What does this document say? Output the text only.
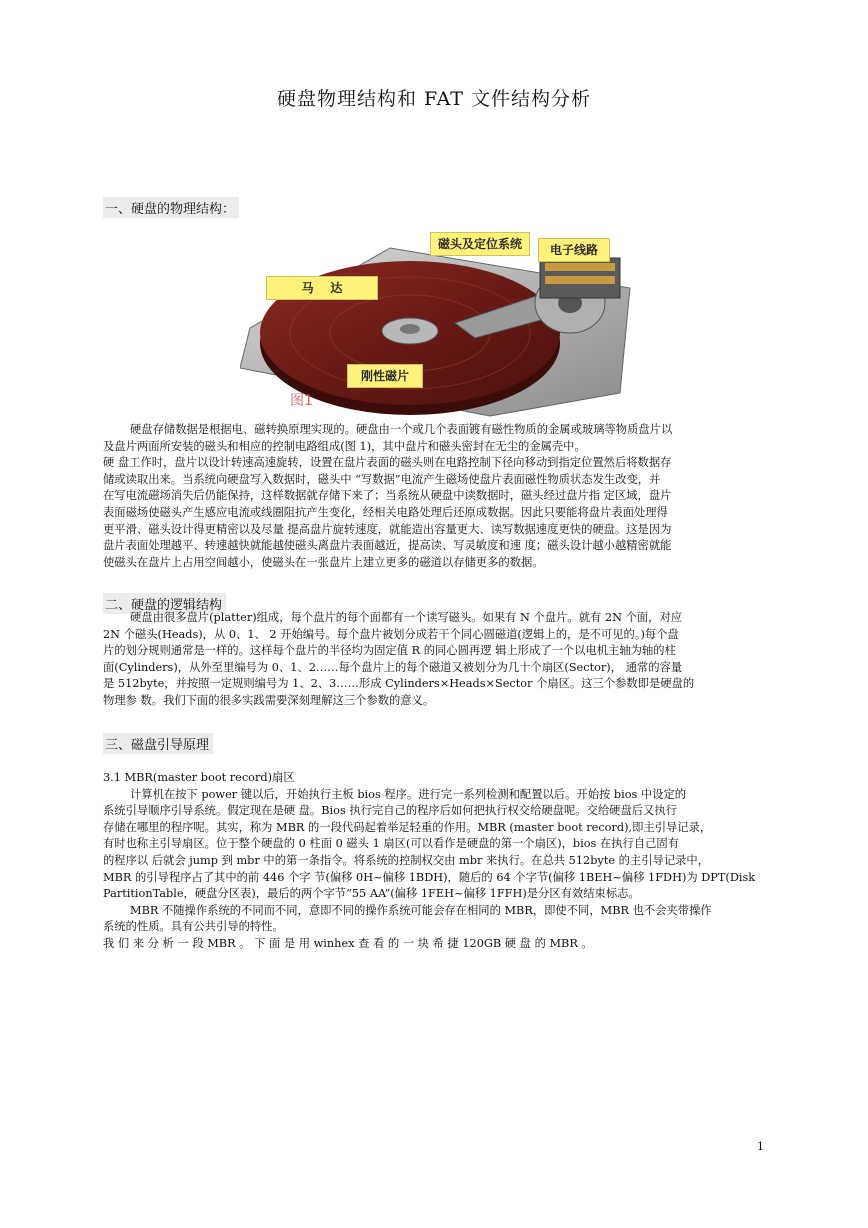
硬盘物理结构和 FAT 文件结构分析
一、硬盘的物理结构：
磁头及定位系统	电子线路
马    达
刚性磁片
图1
硬盘存储数据是根据电、磁转换原理实现的。硬盘由一个或几个表面镀有磁性物质的金属或玻璃等物质盘片以
及盘片两面所安装的磁头和相应的控制电路组成(图 1)，其中盘片和磁头密封在无尘的金属壳中。
硬 盘工作时，盘片以设计转速高速旋转，设置在盘片表面的磁头则在电路控制下径向移动到指定位置然后将数据存
储或读取出来。当系统向硬盘写入数据时，磁头中 “写数据”电流产生磁场使盘片表面磁性物质状态发生改变，并
在写电流磁场消失后仍能保持，这样数据就存储下来了；当系统从硬盘中读数据时，磁头经过盘片指 定区域，盘片
表面磁场使磁头产生感应电流或线圈阻抗产生变化，经相关电路处理后还原成数据。因此只要能将盘片表面处理得
更平滑、磁头设计得更精密以及尽量 提高盘片旋转速度，就能造出容量更大、读写数据速度更快的硬盘。这是因为
盘片表面处理越平、转速越快就能越使磁头离盘片表面越近，提高读、写灵敏度和速 度；磁头设计越小越精密就能
使磁头在盘片上占用空间越小，使磁头在一张盘片上建立更多的磁道以存储更多的数据。
二、硬盘的逻辑结构
硬盘由很多盘片(platter)组成，每个盘片的每个面都有一个读写磁头。如果有 N 个盘片。就有 2N 个面，对应
2N 个磁头(Heads)，从 0、1、 2 开始编号。每个盘片被划分成若干个同心圆磁道(逻辑上的，是不可见的。)每个盘
片的划分规则通常是一样的。这样每个盘片的半径均为固定值 R 的同心圆再逻 辑上形成了一个以电机主轴为轴的柱
面(Cylinders)，从外至里编号为 0、1、2……每个盘片上的每个磁道又被划分为几十个扇区(Sector)， 通常的容量
是 512byte，并按照一定规则编号为 1、2、3……形成 Cylinders×Heads×Sector 个扇区。这三个参数即是硬盘的
物理参 数。我们下面的很多实践需要深刻理解这三个参数的意义。
三、磁盘引导原理
3.1 MBR(master boot record)扇区
计算机在按下 power 键以后，开始执行主板 bios 程序。进行完一系列检测和配置以后。开始按 bios 中设定的
系统引导顺序引导系统。假定现在是硬 盘。Bios 执行完自己的程序后如何把执行权交给硬盘呢。交给硬盘后又执行
存储在哪里的程序呢。其实，称为 MBR 的一段代码起着举足轻重的作用。MBR (master boot record),即主引导记录，
有时也称主引导扇区。位于整个硬盘的 0 柱面 0 磁头 1 扇区(可以看作是硬盘的第一个扇区)，bios 在执行自己固有
的程序以 后就会 jump 到 mbr 中的第一条指令。将系统的控制权交由 mbr 来执行。在总共 512byte 的主引导记录中，
MBR 的引导程序占了其中的前 446 个字 节(偏移 0H~偏移 1BDH)，随后的 64 个字节(偏移 1BEH~偏移 1FDH)为 DPT(Disk
PartitionTable，硬盘分区表)，最后的两个字节“55 AA”(偏移 1FEH~偏移 1FFH)是分区有效结束标志。
MBR 不随操作系统的不同而不同，意即不同的操作系统可能会存在相同的 MBR，即使不同，MBR 也不会夹带操作
系统的性质。具有公共引导的特性。
我 们 来 分 析 一 段 MBR 。 下 面 是 用 winhex 查 看 的 一 块 希 捷 120GB 硬 盘 的 MBR 。
1
